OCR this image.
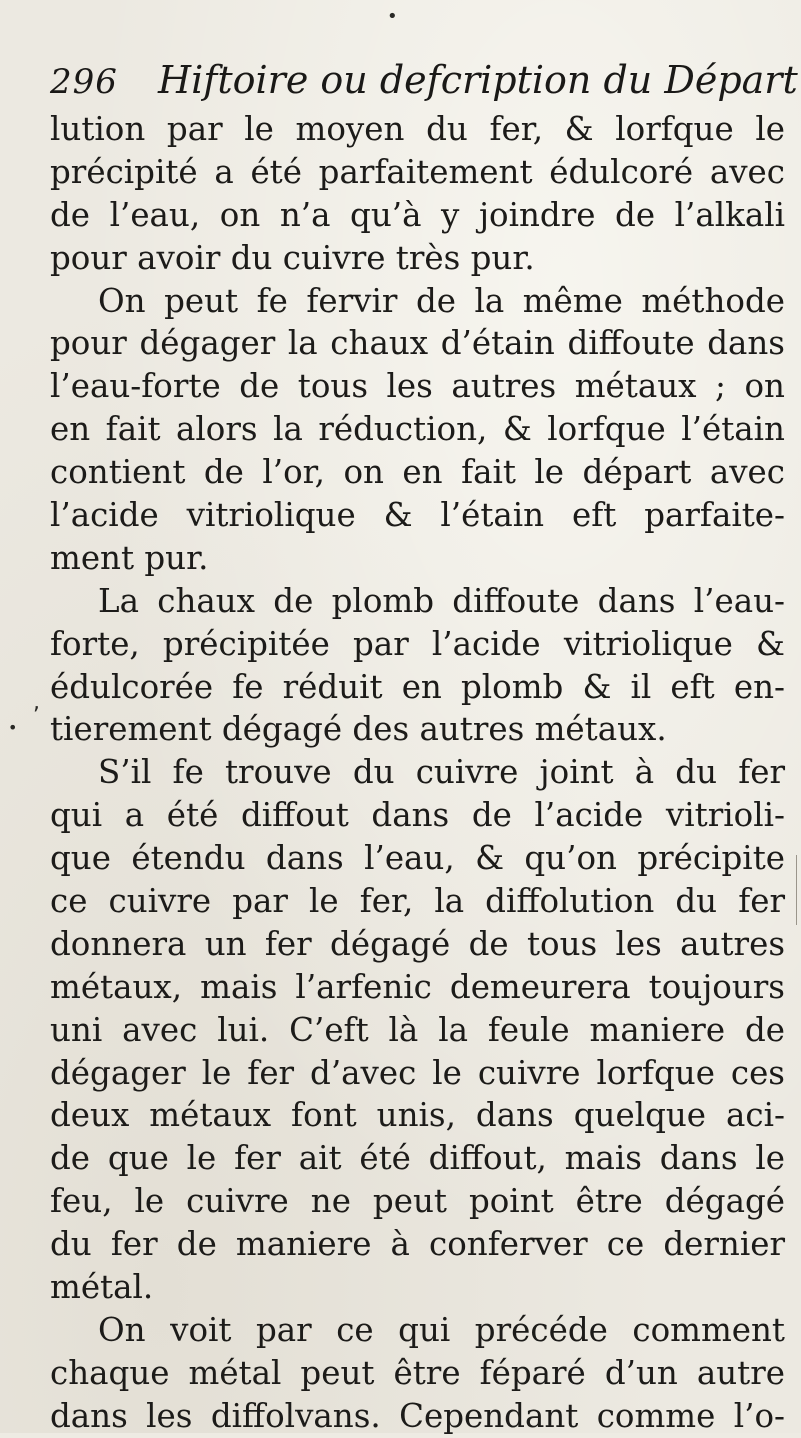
•
,
•
296 Hiftoire ou defcription du Départ
lution par le moyen du fer, & lorfque le
précipité a été parfaitement édulcoré avec
de l’eau, on n’a qu’à y joindre de l’alkali
pour avoir du cuivre très pur.
On peut fe fervir de la même méthode
pour dégager la chaux d’étain diffoute dans
l’eau-forte de tous les autres métaux ; on
en fait alors la réduction, & lorfque l’étain
contient de l’or, on en fait le départ avec
l’acide vitriolique & l’étain eft parfaite-
ment pur.
La chaux de plomb diffoute dans l’eau-
forte, précipitée par l’acide vitriolique &
édulcorée fe réduit en plomb & il eft en-
tierement dégagé des autres métaux.
S’il fe trouve du cuivre joint à du fer
qui a été diffout dans de l’acide vitrioli-
que étendu dans l’eau, & qu’on précipite
ce cuivre par le fer, la diffolution du fer
donnera un fer dégagé de tous les autres
métaux, mais l’arfenic demeurera toujours
uni avec lui. C’eft là la feule maniere de
dégager le fer d’avec le cuivre lorfque ces
deux métaux font unis, dans quelque aci-
de que le fer ait été diffout, mais dans le
feu, le cuivre ne peut point être dégagé
du fer de maniere à conferver ce dernier
métal.
On voit par ce qui précéde comment
chaque métal peut être féparé d’un autre
dans les diffolvans. Cependant comme l’o-
